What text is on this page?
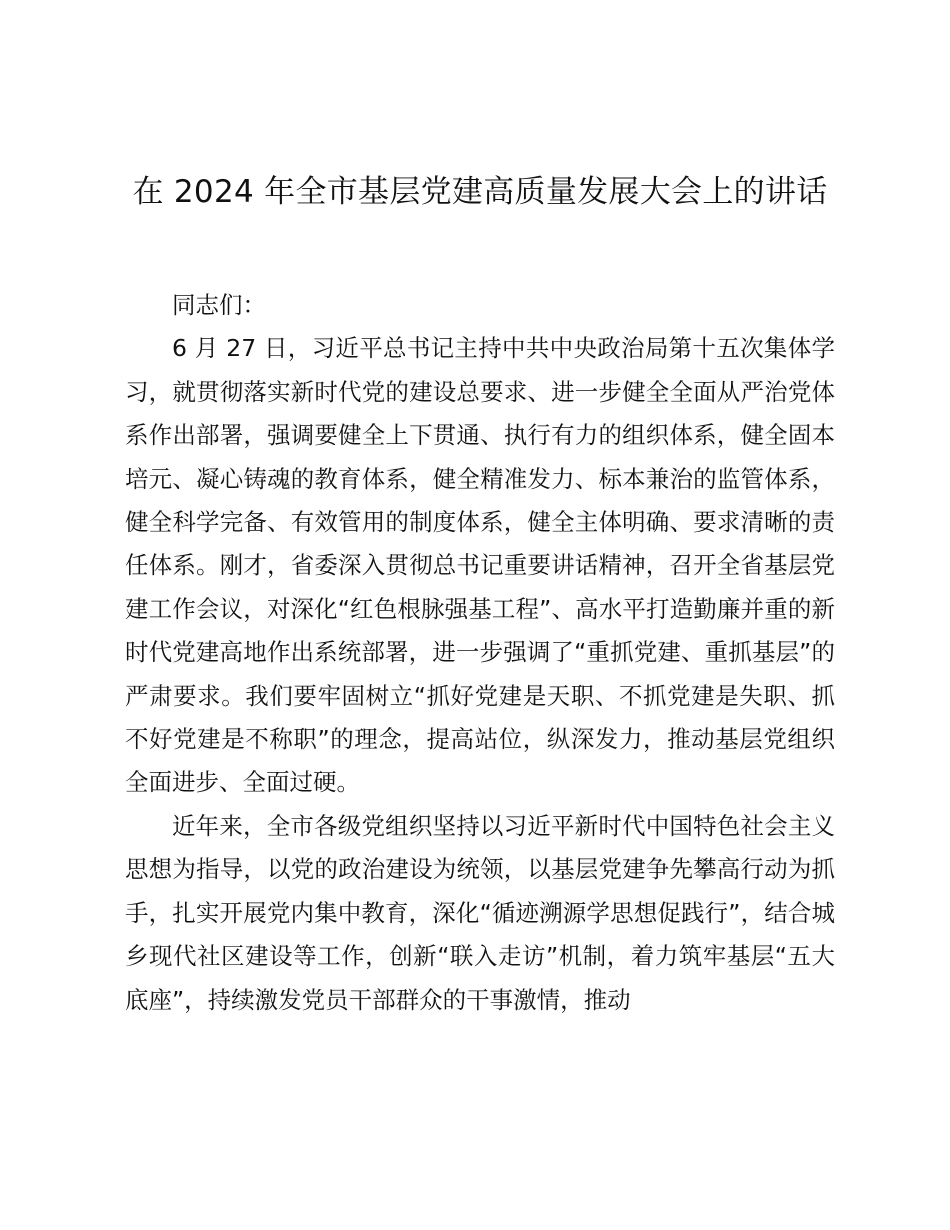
在 2024 年全市基层党建高质量发展大会上的讲话

同志们：

6 月 27 日，习近平总书记主持中共中央政治局第十五次集体学习，就贯彻落实新时代党的建设总要求、进一步健全全面从严治党体系作出部署，强调要健全上下贯通、执行有力的组织体系，健全固本培元、凝心铸魂的教育体系，健全精准发力、标本兼治的监管体系，健全科学完备、有效管用的制度体系，健全主体明确、要求清晰的责任体系。刚才，省委深入贯彻总书记重要讲话精神，召开全省基层党建工作会议，对深化“红色根脉强基工程”、高水平打造勤廉并重的新时代党建高地作出系统部署，进一步强调了“重抓党建、重抓基层”的严肃要求。我们要牢固树立“抓好党建是天职、不抓党建是失职、抓不好党建是不称职”的理念，提高站位，纵深发力，推动基层党组织全面进步、全面过硬。

近年来，全市各级党组织坚持以习近平新时代中国特色社会主义思想为指导，以党的政治建设为统领，以基层党建争先攀高行动为抓手，扎实开展党内集中教育，深化“循迹溯源学思想促践行”，结合城乡现代社区建设等工作，创新“联入走访”机制，着力筑牢基层“五大底座”，持续激发党员干部群众的干事激情，推动
